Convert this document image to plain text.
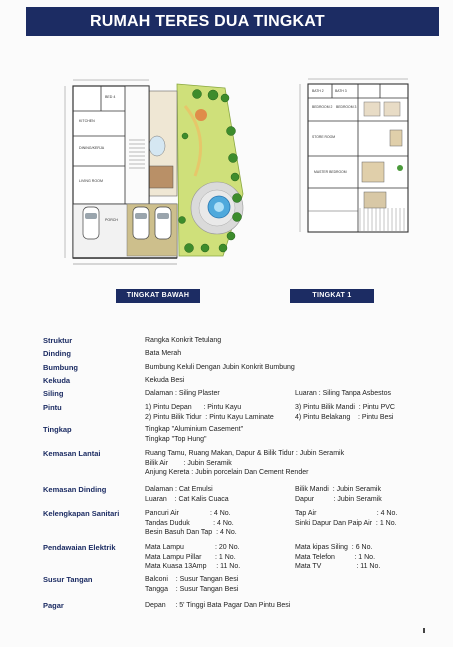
RUMAH TERES DUA TINGKAT
BED 4
KITCHEN
DINING/KERJA
LIVING ROOM
PORCH
BATH 2	BATH 3
BEDROOM 2 BEDROOM 3
STORE ROOM
MASTER BEDROOM
TINGKAT BAWAH	TINGKAT 1
Struktur	Rangka Konkrit Tetulang
Dinding	Bata Merah
Bumbung	Bumbung Keluli Dengan Jubin Konkrit Bumbung
Kekuda	Kekuda Besi
Siling	Dalaman : Siling Plaster	Luaran : Siling Tanpa Asbestos
Pintu	1) Pintu Depan      : Pintu Kayu	3) Pintu Bilik Mandi  : Pintu PVC
2) Pintu Bilik Tidur  : Pintu Kayu Laminate	4) Pintu Belakang    : Pintu Besi
Tingkap	Tingkap "Aluminium Casement"
Tingkap "Top Hung"
Kemasan Lantai	Ruang Tamu, Ruang Makan, Dapur & Bilik Tidur : Jubin Seramik
Bilik Air        : Jubin Seramik
Anjung Kereta : Jubin porcelain Dan Cement Render
Kemasan Dinding	Dalaman : Cat Emulsi	Bilik Mandi  : Jubin Seramik
Luaran    : Cat Kalis Cuaca	Dapur          : Jubin Seramik
Kelengkapan Sanitari	Pancuri Air                : 4 No.	Tap Air                               : 4 No.
Tandas Duduk            : 4 No.	Sinki Dapur Dan Paip Air  : 1 No.
Besin Basuh Dan Tap  : 4 No.
Pendawaian Elektrik	Mata Lampu                : 20 No.	Mata kipas Siling  : 6 No.
Mata Lampu Pillar       : 1 No.	Mata Telefon          : 1 No.
Mata Kuasa 13Amp     : 11 No.	Mata TV                  : 11 No.
Susur Tangan	Balconi    : Susur Tangan Besi
Tangga    : Susur Tangan Besi
Pagar	Depan     : 5' Tinggi Bata Pagar Dan Pintu Besi
